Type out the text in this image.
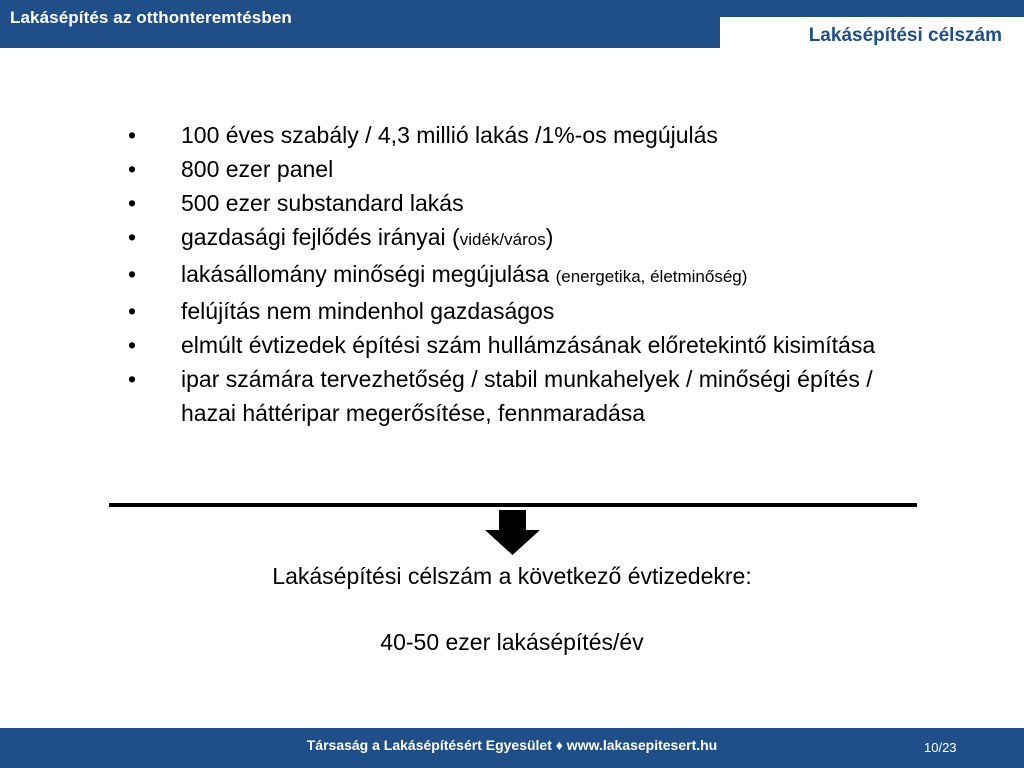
Lakásépítés az otthonteremtésben
Lakásépítési célszám
•	100 éves szabály / 4,3 millió lakás /1%-os megújulás
•	800 ezer panel
•	500 ezer substandard lakás
•	gazdasági fejlődés irányai (vidék/város)
•	lakásállomány minőségi megújulása (energetika, életminőség)
•	felújítás nem mindenhol gazdaságos
•	elmúlt évtizedek építési szám hullámzásának előretekintő kisimítása
•	ipar számára tervezhetőség / stabil munkahelyek / minőségi építés / hazai háttéripar megerősítése, fennmaradása
Lakásépítési célszám a következő évtizedekre:
40-50 ezer lakásépítés/év
Társaság a Lakásépítésért Egyesület ♦ www.lakasepitesert.hu	10/23
